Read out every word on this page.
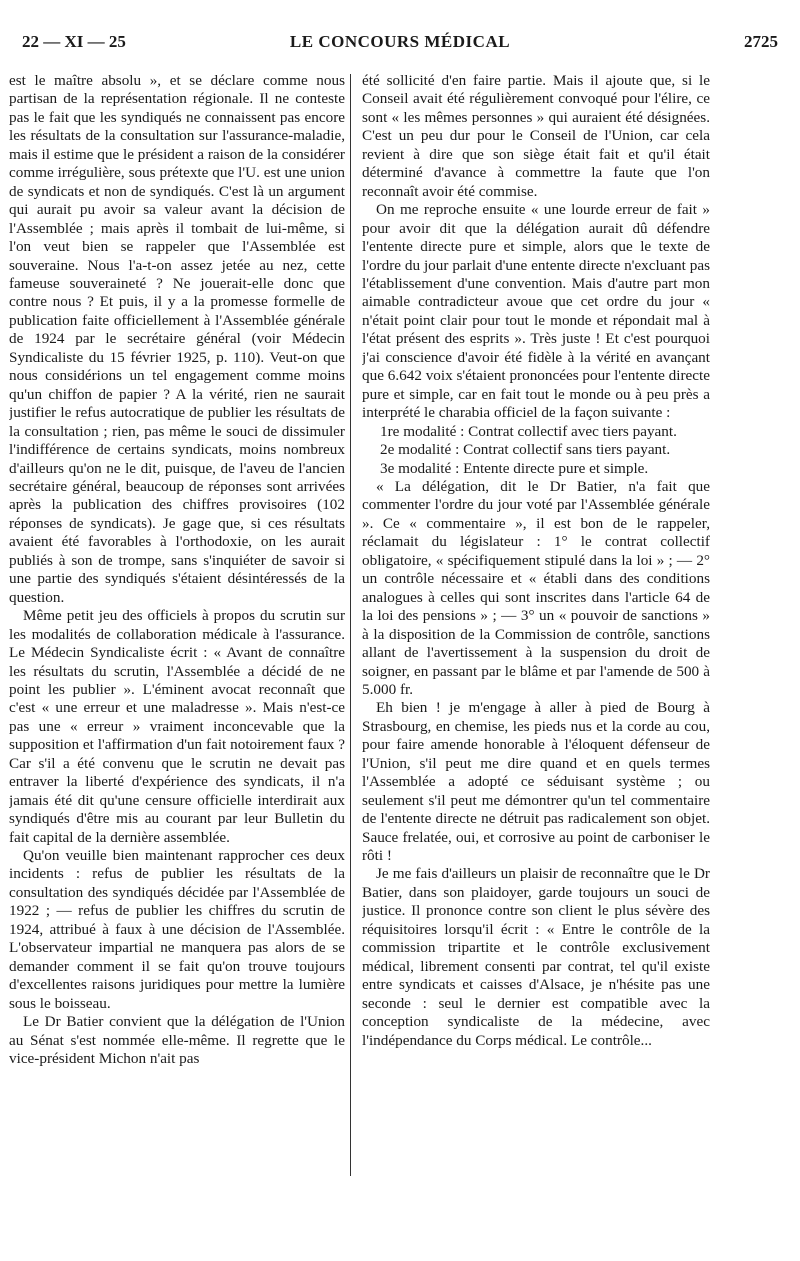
22 — XI — 25	LE CONCOURS MÉDICAL	2725

est le maître absolu », et se déclare comme nous partisan de la représentation régionale. Il ne conteste pas le fait que les syndiqués ne connaissent pas encore les résultats de la consultation sur l'assurance-maladie, mais il estime que le président a raison de la considérer comme irrégulière, sous prétexte que l'U. est une union de syndicats et non de syndiqués. C'est là un argument qui aurait pu avoir sa valeur avant la décision de l'Assemblée ; mais après il tombait de lui-même, si l'on veut bien se rappeler que l'Assemblée est souveraine. Nous l'a-t-on assez jetée au nez, cette fameuse souveraineté ? Ne jouerait-elle donc que contre nous ? Et puis, il y a la promesse formelle de publication faite officiellement à l'Assemblée générale de 1924 par le secrétaire général (voir Médecin Syndicaliste du 15 février 1925, p. 110). Veut-on que nous considérions un tel engagement comme moins qu'un chiffon de papier ? A la vérité, rien ne saurait justifier le refus autocratique de publier les résultats de la consultation ; rien, pas même le souci de dissimuler l'indifférence de certains syndicats, moins nombreux d'ailleurs qu'on ne le dit, puisque, de l'aveu de l'ancien secrétaire général, beaucoup de réponses sont arrivées après la publication des chiffres provisoires (102 réponses de syndicats). Je gage que, si ces résultats avaient été favorables à l'orthodoxie, on les aurait publiés à son de trompe, sans s'inquiéter de savoir si une partie des syndiqués s'étaient désintéressés de la question.

Même petit jeu des officiels à propos du scrutin sur les modalités de collaboration médicale à l'assurance. Le Médecin Syndicaliste écrit : « Avant de connaître les résultats du scrutin, l'Assemblée a décidé de ne point les publier ». L'éminent avocat reconnaît que c'est « une erreur et une maladresse ». Mais n'est-ce pas une « erreur » vraiment inconcevable que la supposition et l'affirmation d'un fait notoirement faux ? Car s'il a été convenu que le scrutin ne devait pas entraver la liberté d'expérience des syndicats, il n'a jamais été dit qu'une censure officielle interdirait aux syndiqués d'être mis au courant par leur Bulletin du fait capital de la dernière assemblée.

Qu'on veuille bien maintenant rapprocher ces deux incidents : refus de publier les résultats de la consultation des syndiqués décidée par l'Assemblée de 1922 ; — refus de publier les chiffres du scrutin de 1924, attribué à faux à une décision de l'Assemblée. L'observateur impartial ne manquera pas alors de se demander comment il se fait qu'on trouve toujours d'excellentes raisons juridiques pour mettre la lumière sous le boisseau.

Le Dr Batier convient que la délégation de l'Union au Sénat s'est nommée elle-même. Il regrette que le vice-président Michon n'ait pas

été sollicité d'en faire partie. Mais il ajoute que, si le Conseil avait été régulièrement convoqué pour l'élire, ce sont « les mêmes personnes » qui auraient été désignées. C'est un peu dur pour le Conseil de l'Union, car cela revient à dire que son siège était fait et qu'il était déterminé d'avance à commettre la faute que l'on reconnaît avoir été commise.

On me reproche ensuite « une lourde erreur de fait » pour avoir dit que la délégation aurait dû défendre l'entente directe pure et simple, alors que le texte de l'ordre du jour parlait d'une entente directe n'excluant pas l'établissement d'une convention. Mais d'autre part mon aimable contradicteur avoue que cet ordre du jour « n'était point clair pour tout le monde et répondait mal à l'état présent des esprits ». Très juste ! Et c'est pourquoi j'ai conscience d'avoir été fidèle à la vérité en avançant que 6.642 voix s'étaient prononcées pour l'entente directe pure et simple, car en fait tout le monde ou à peu près a interprété le charabia officiel de la façon suivante :

1re modalité : Contrat collectif avec tiers payant.

2e modalité : Contrat collectif sans tiers payant.

3e modalité : Entente directe pure et simple.

« La délégation, dit le Dr Batier, n'a fait que commenter l'ordre du jour voté par l'Assemblée générale ». Ce « commentaire », il est bon de le rappeler, réclamait du législateur : 1° le contrat collectif obligatoire, « spécifiquement stipulé dans la loi » ; — 2° un contrôle nécessaire et « établi dans des conditions analogues à celles qui sont inscrites dans l'article 64 de la loi des pensions » ; — 3° un « pouvoir de sanctions » à la disposition de la Commission de contrôle, sanctions allant de l'avertissement à la suspension du droit de soigner, en passant par le blâme et par l'amende de 500 à 5.000 fr.

Eh bien ! je m'engage à aller à pied de Bourg à Strasbourg, en chemise, les pieds nus et la corde au cou, pour faire amende honorable à l'éloquent défenseur de l'Union, s'il peut me dire quand et en quels termes l'Assemblée a adopté ce séduisant système ; ou seulement s'il peut me démontrer qu'un tel commentaire de l'entente directe ne détruit pas radicalement son objet. Sauce frelatée, oui, et corrosive au point de carboniser le rôti !

Je me fais d'ailleurs un plaisir de reconnaître que le Dr Batier, dans son plaidoyer, garde toujours un souci de justice. Il prononce contre son client le plus sévère des réquisitoires lorsqu'il écrit : « Entre le contrôle de la commission tripartite et le contrôle exclusivement médical, librement consenti par contrat, tel qu'il existe entre syndicats et caisses d'Alsace, je n'hésite pas une seconde : seul le dernier est compatible avec la conception syndicaliste de la médecine, avec l'indépendance du Corps médical. Le contrôle...
